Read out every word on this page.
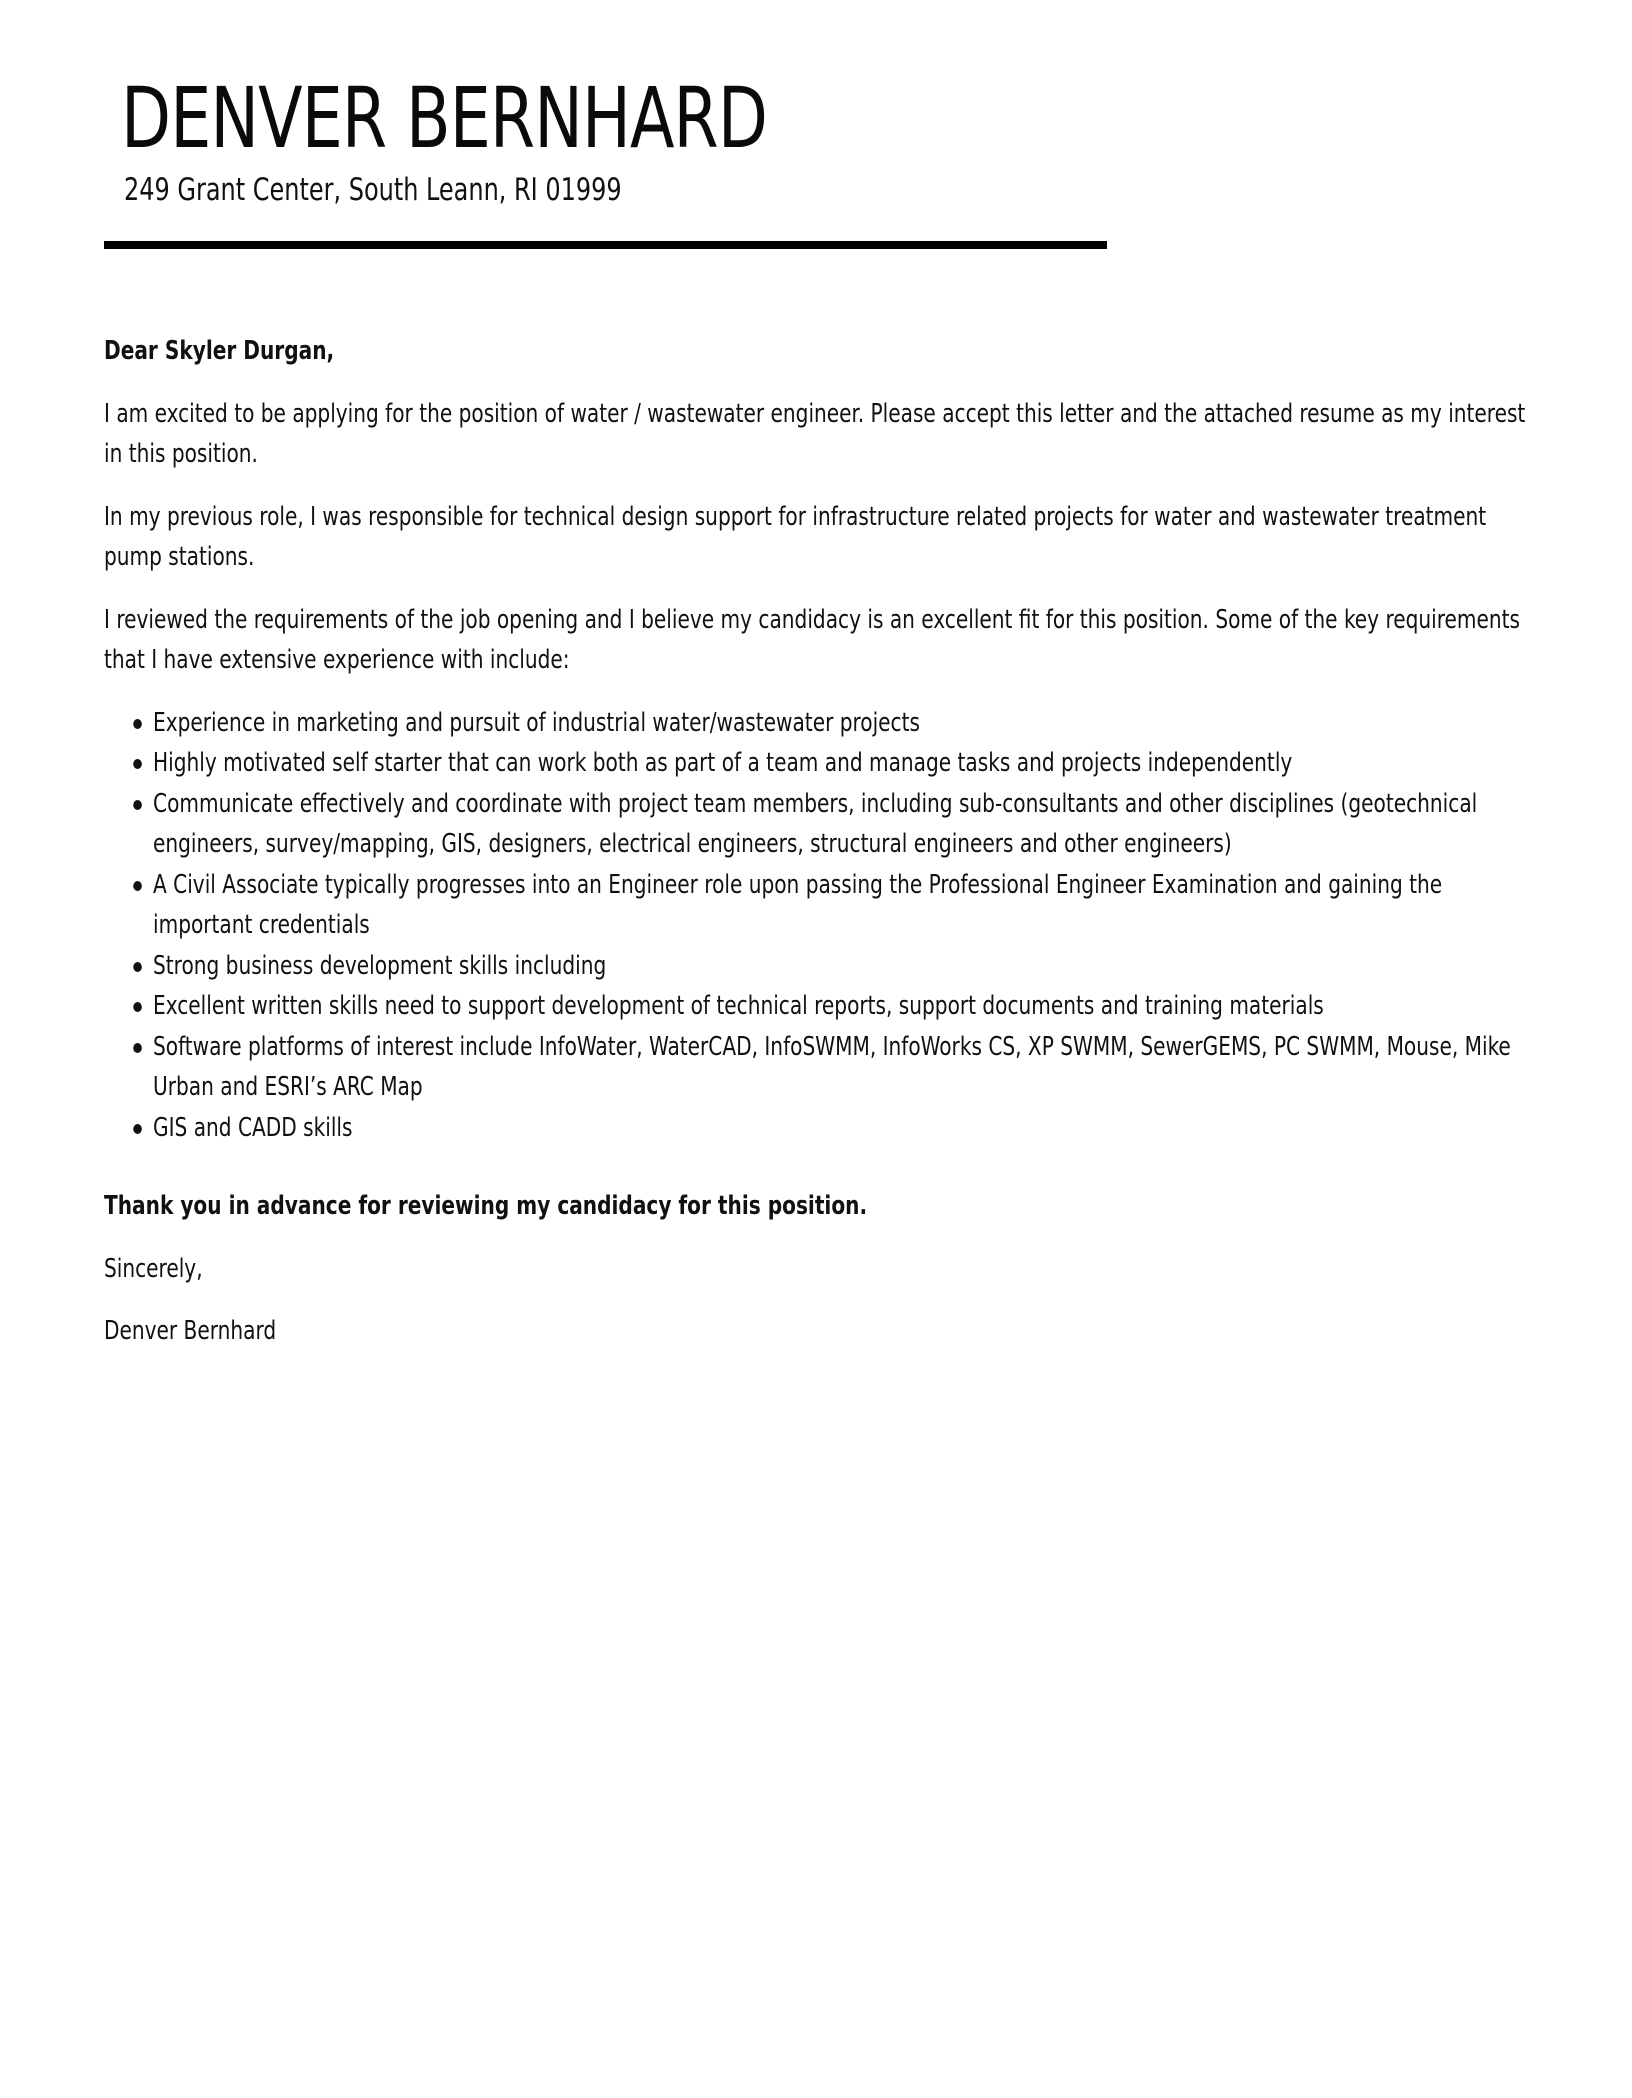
DENVER BERNHARD
249 Grant Center, South Leann, RI 01999

Dear Skyler Durgan,

I am excited to be applying for the position of water / wastewater engineer. Please accept this letter and the attached resume as my interest in this position.

In my previous role, I was responsible for technical design support for infrastructure related projects for water and wastewater treatment pump stations.

I reviewed the requirements of the job opening and I believe my candidacy is an excellent fit for this position. Some of the key requirements that I have extensive experience with include:

Experience in marketing and pursuit of industrial water/wastewater projects
Highly motivated self starter that can work both as part of a team and manage tasks and projects independently
Communicate effectively and coordinate with project team members, including sub-consultants and other disciplines (geotechnical engineers, survey/mapping, GIS, designers, electrical engineers, structural engineers and other engineers)
A Civil Associate typically progresses into an Engineer role upon passing the Professional Engineer Examination and gaining the important credentials
Strong business development skills including
Excellent written skills need to support development of technical reports, support documents and training materials
Software platforms of interest include InfoWater, WaterCAD, InfoSWMM, InfoWorks CS, XP SWMM, SewerGEMS, PC SWMM, Mouse, Mike Urban and ESRI’s ARC Map
GIS and CADD skills

Thank you in advance for reviewing my candidacy for this position.

Sincerely,

Denver Bernhard
